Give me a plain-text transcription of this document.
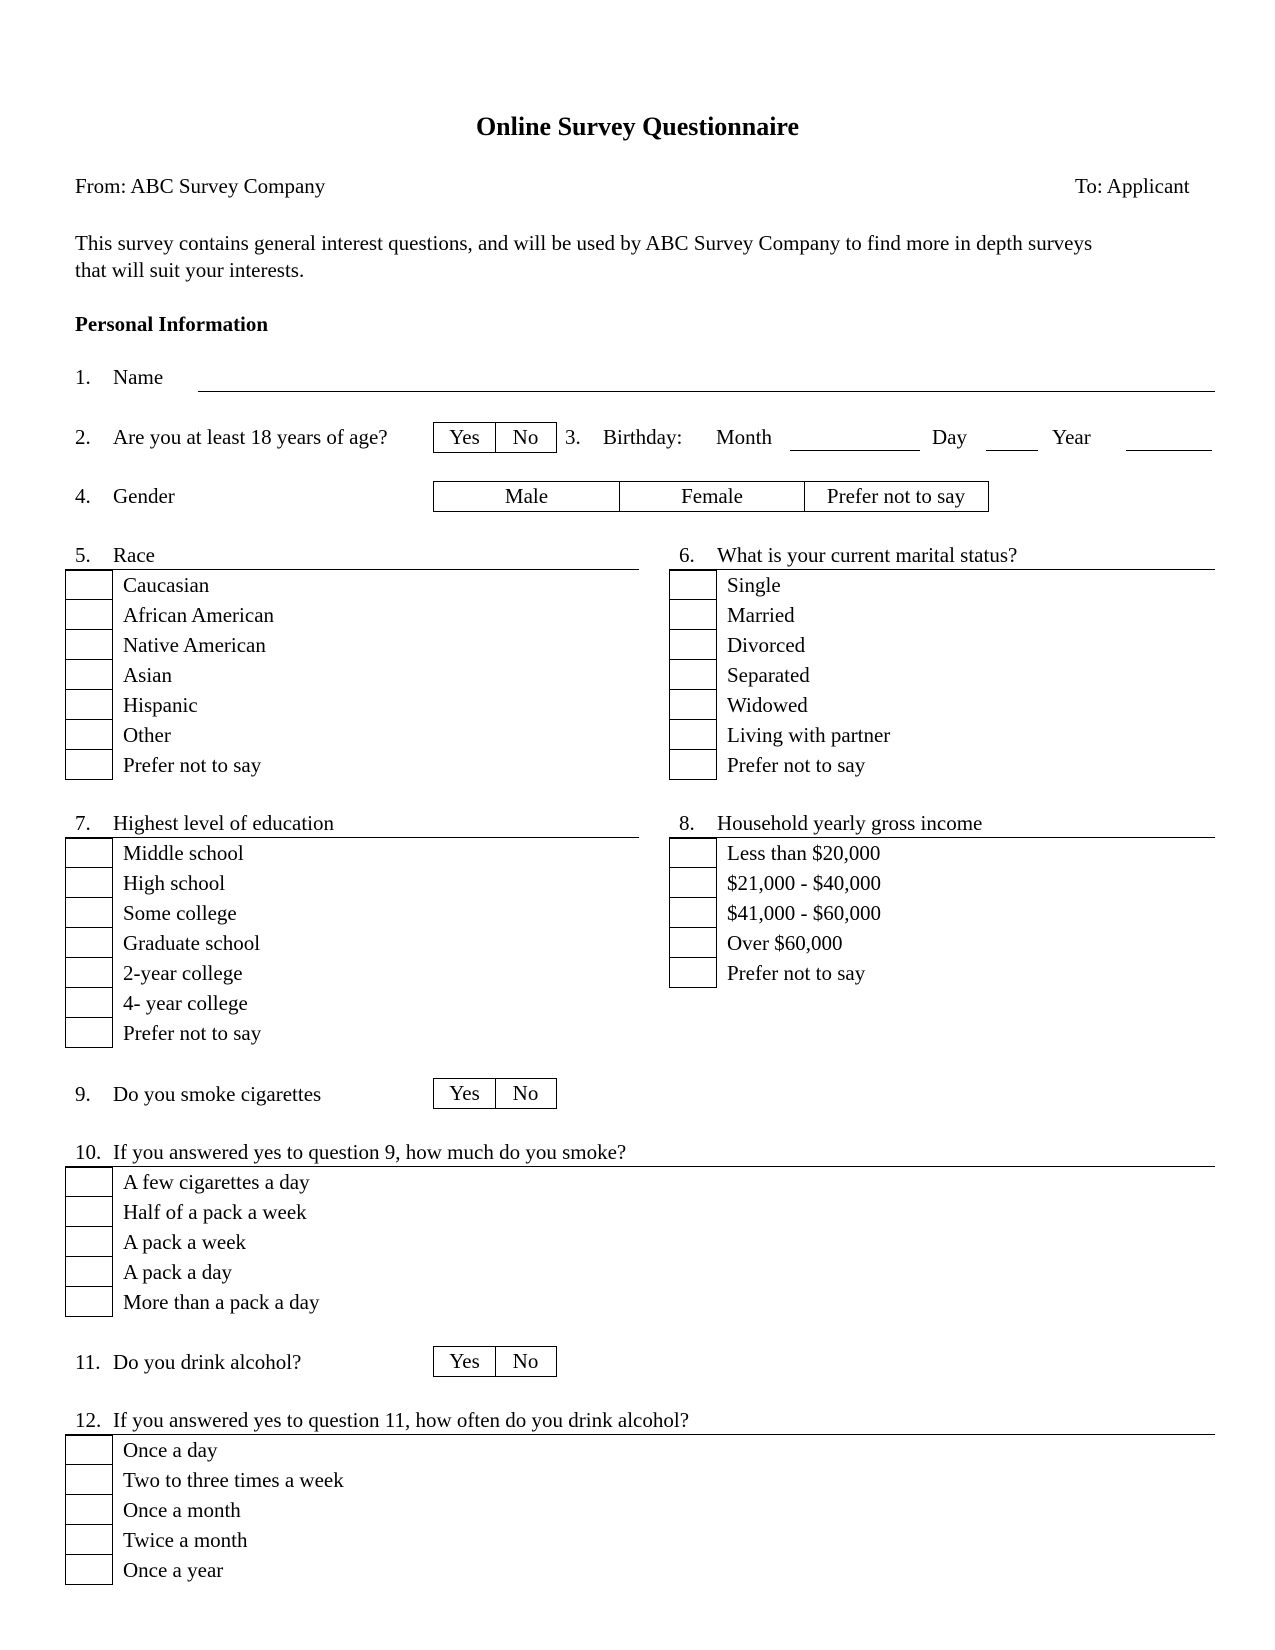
Online Survey Questionnaire
From: ABC Survey Company	To: Applicant
This survey contains general interest questions, and will be used by ABC Survey Company to find more in depth surveys
that will suit your interests.
Personal Information
1. Name
2. Are you at least 18 years of age?	Yes	No	3. Birthday: Month	Day	Year
4. Gender	Male	Female	Prefer not to say
5. Race
Caucasian
African American
Native American
Asian
Hispanic
Other
Prefer not to say
6. What is your current marital status?
Single
Married
Divorced
Separated
Widowed
Living with partner
Prefer not to say
7. Highest level of education
Middle school
High school
Some college
Graduate school
2-year college
4- year college
Prefer not to say
8. Household yearly gross income
Less than $20,000
$21,000 - $40,000
$41,000 - $60,000
Over $60,000
Prefer not to say
9. Do you smoke cigarettes	Yes	No
10. If you answered yes to question 9, how much do you smoke?
A few cigarettes a day
Half of a pack a week
A pack a week
A pack a day
More than a pack a day
11. Do you drink alcohol?	Yes	No
12. If you answered yes to question 11, how often do you drink alcohol?
Once a day
Two to three times a week
Once a month
Twice a month
Once a year
